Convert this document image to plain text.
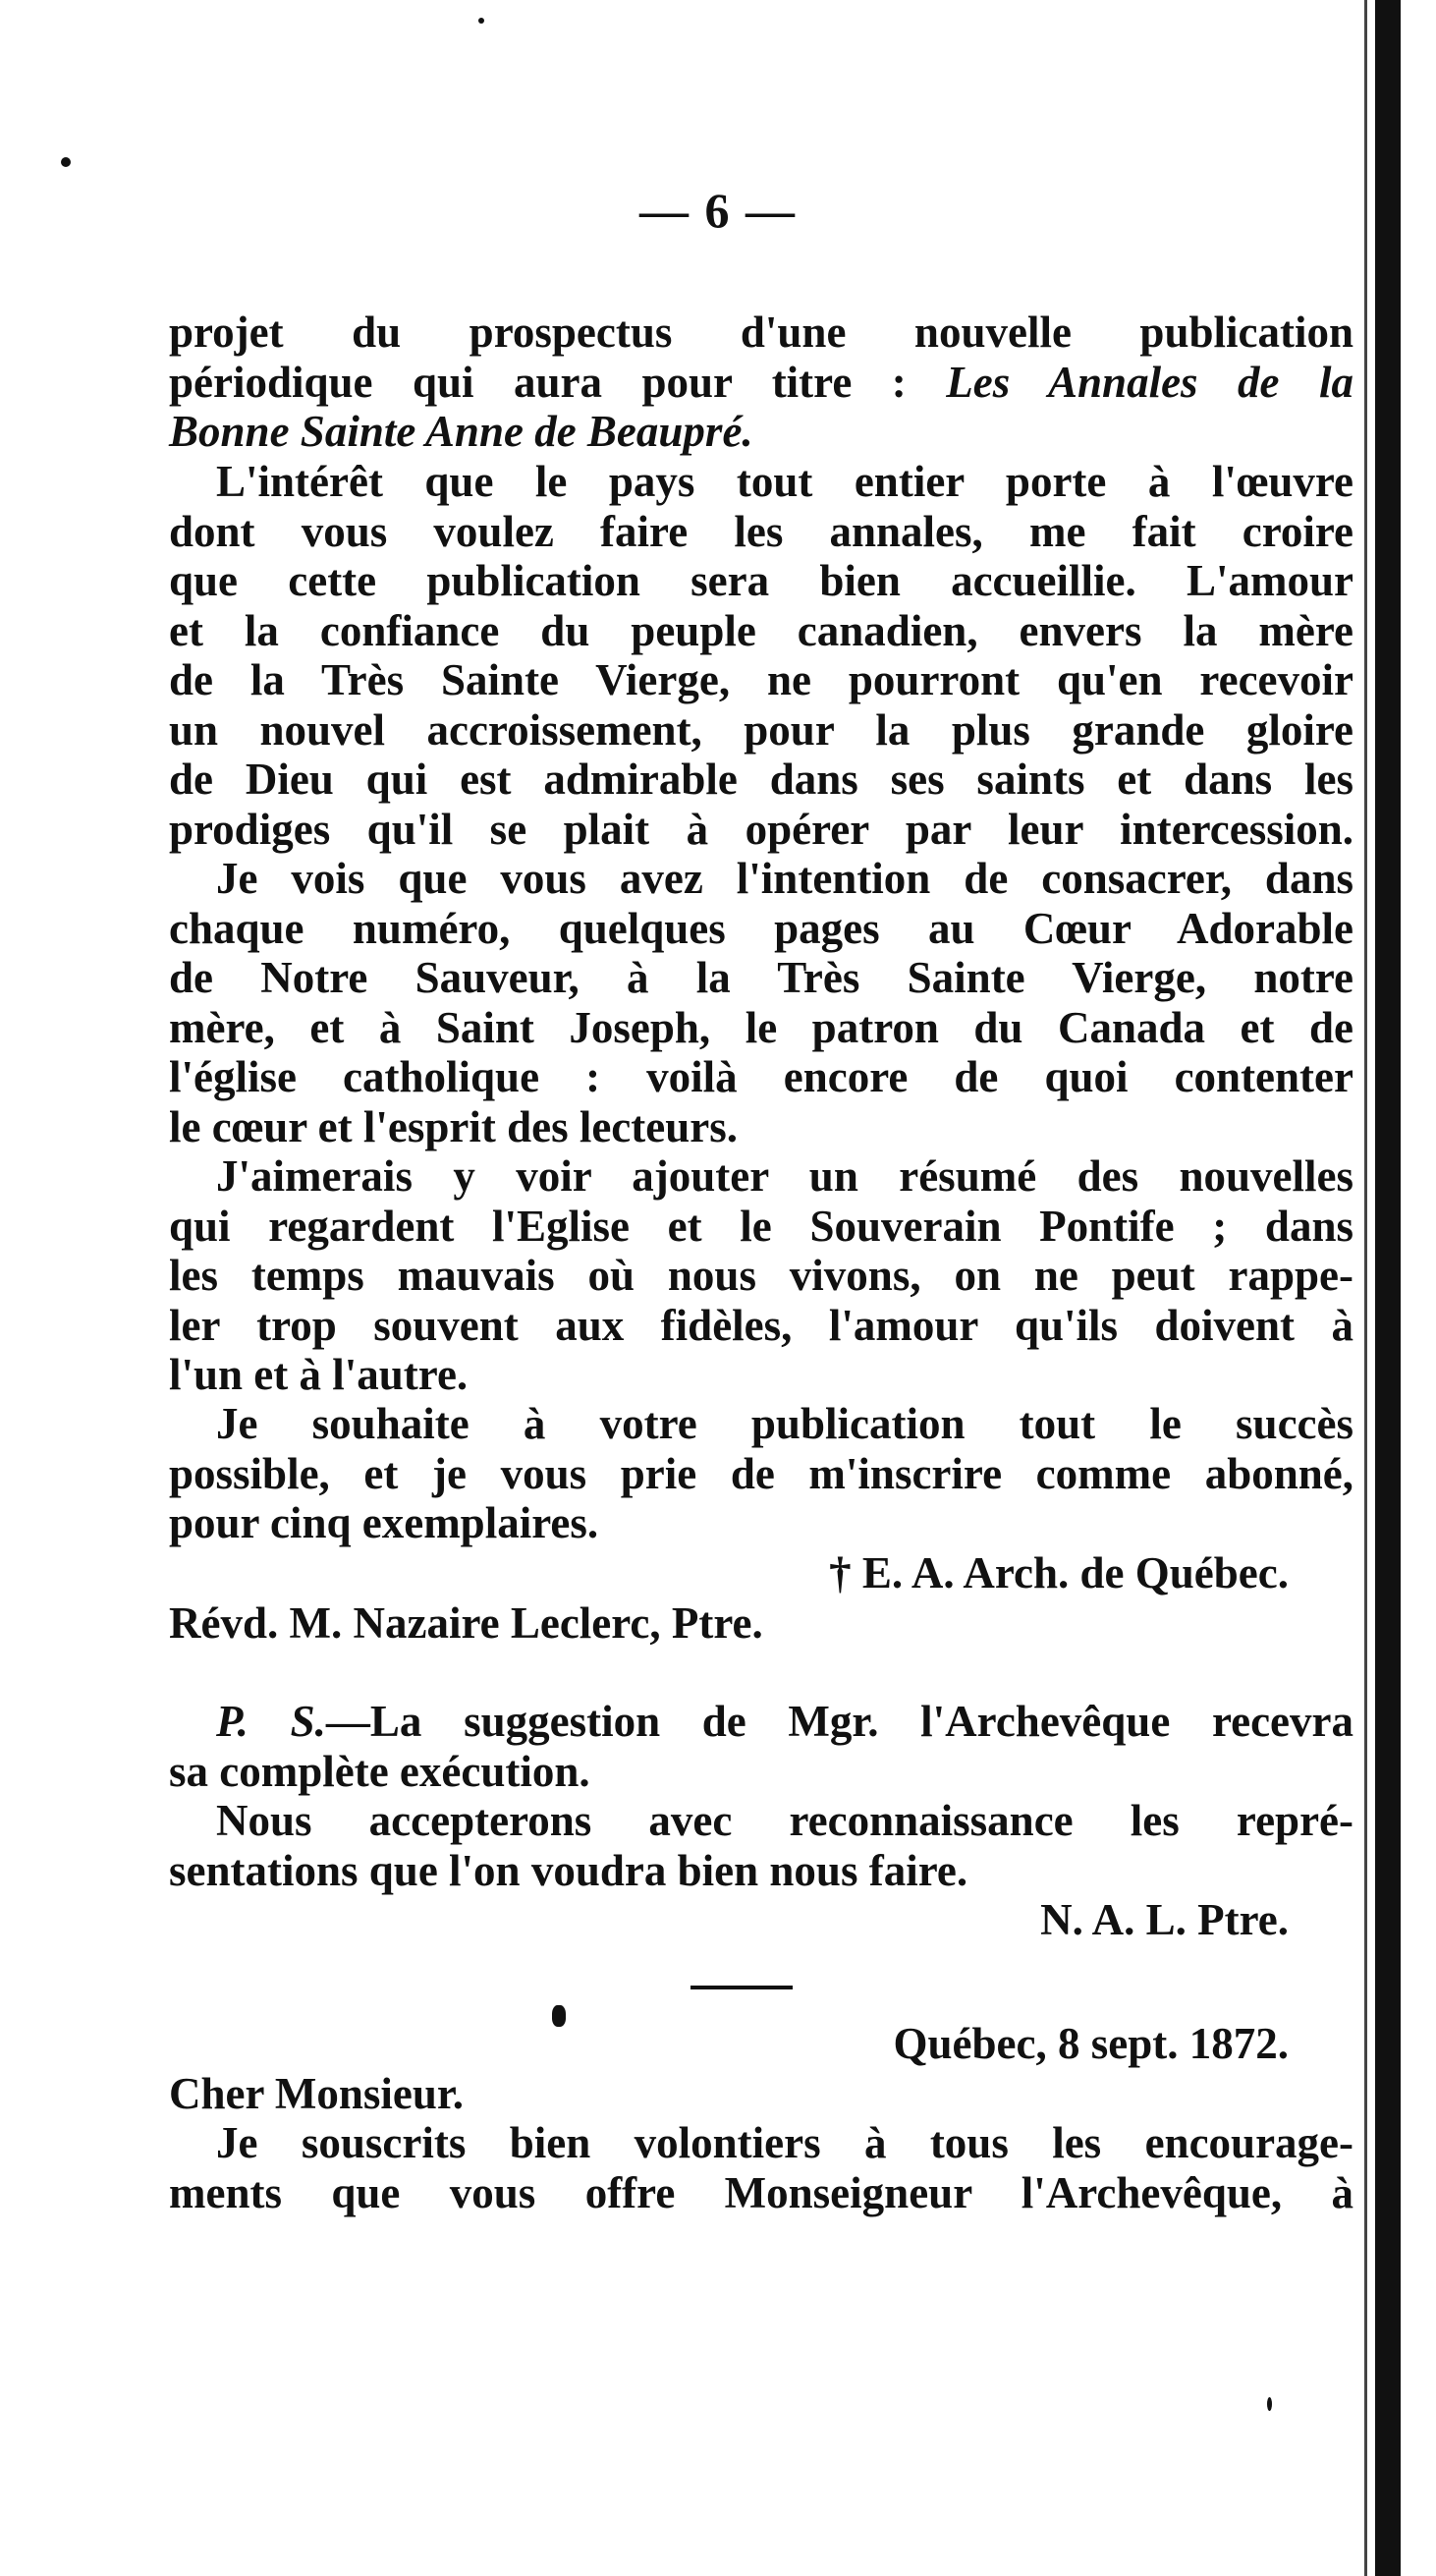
— 6 —
projet du prospectus d'une nouvelle publication
périodique qui aura pour titre : Les Annales de la
Bonne Sainte Anne de Beaupré.
L'intérêt que le pays tout entier porte à l'œuvre
dont vous voulez faire les annales, me fait croire
que cette publication sera bien accueillie. L'amour
et la confiance du peuple canadien, envers la mère
de la Très Sainte Vierge, ne pourront qu'en recevoir
un nouvel accroissement, pour la plus grande gloire
de Dieu qui est admirable dans ses saints et dans les
prodiges qu'il se plait à opérer par leur intercession.
Je vois que vous avez l'intention de consacrer, dans
chaque numéro, quelques pages au Cœur Adorable
de Notre Sauveur, à la Très Sainte Vierge, notre
mère, et à Saint Joseph, le patron du Canada et de
l'église catholique : voilà encore de quoi contenter
le cœur et l'esprit des lecteurs.
J'aimerais y voir ajouter un résumé des nouvelles
qui regardent l'Eglise et le Souverain Pontife ; dans
les temps mauvais où nous vivons, on ne peut rappe-
ler trop souvent aux fidèles, l'amour qu'ils doivent à
l'un et à l'autre.
Je souhaite à votre publication tout le succès
possible, et je vous prie de m'inscrire comme abonné,
pour cinq exemplaires.
† E. A. Arch. de Québec.
Révd. M. Nazaire Leclerc, Ptre.
P. S.—La suggestion de Mgr. l'Archevêque recevra
sa complète exécution.
Nous accepterons avec reconnaissance les repré-
sentations que l'on voudra bien nous faire.
N. A. L. Ptre.
Québec, 8 sept. 1872.
Cher Monsieur.
Je souscrits bien volontiers à tous les encourage-
ments que vous offre Monseigneur l'Archevêque, à
